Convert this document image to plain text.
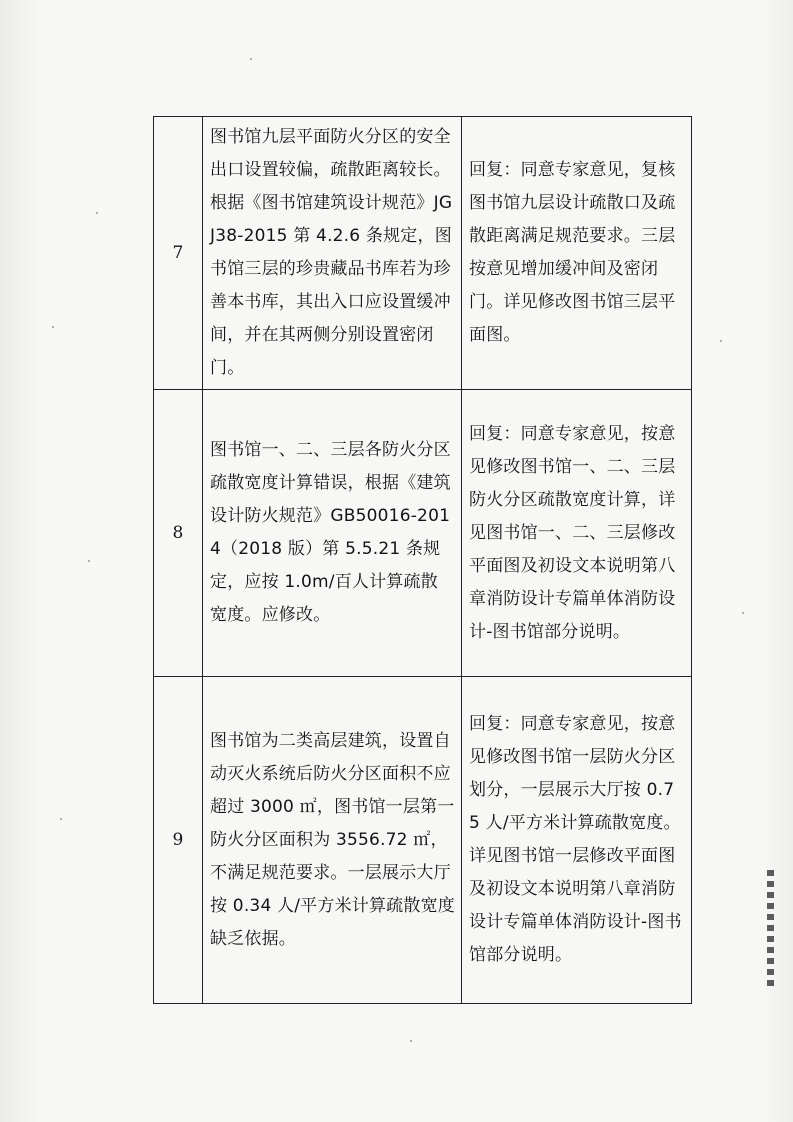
7	图书馆九层平面防火分区的安全出口设置较偏，疏散距离较长。根据《图书馆建筑设计规范》JGJ38-2015 第 4.2.6 条规定，图书馆三层的珍贵藏品书库若为珍善本书库，其出入口应设置缓冲间，并在其两侧分别设置密闭门。	回复：同意专家意见，复核图书馆九层设计疏散口及疏散距离满足规范要求。三层按意见增加缓冲间及密闭门。详见修改图书馆三层平面图。
8	图书馆一、二、三层各防火分区疏散宽度计算错误，根据《建筑设计防火规范》GB50016-2014（2018 版）第 5.5.21 条规定，应按 1.0m/百人计算疏散宽度。应修改。	回复：同意专家意见，按意见修改图书馆一、二、三层防火分区疏散宽度计算，详见图书馆一、二、三层修改平面图及初设文本说明第八章消防设计专篇单体消防设计-图书馆部分说明。
9	图书馆为二类高层建筑，设置自动灭火系统后防火分区面积不应超过 3000 ㎡，图书馆一层第一防火分区面积为 3556.72 ㎡，不满足规范要求。一层展示大厅按 0.34 人/平方米计算疏散宽度缺乏依据。	回复：同意专家意见，按意见修改图书馆一层防火分区划分，一层展示大厅按 0.75 人/平方米计算疏散宽度。详见图书馆一层修改平面图及初设文本说明第八章消防设计专篇单体消防设计-图书馆部分说明。
